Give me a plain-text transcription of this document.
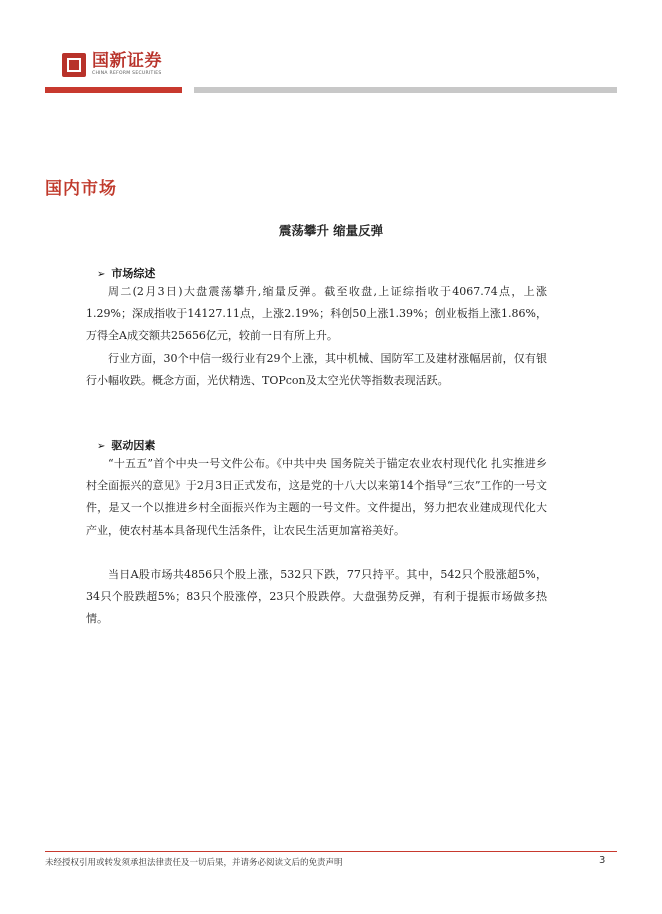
国新证券
CHINA REFORM SECURITIES
国内市场
震荡攀升 缩量反弹
➢ 市场综述

周二(2月3日)大盘震荡攀升,缩量反弹。截至收盘,上证综指收于4067.74点，上涨1.29%；深成指收于14127.11点，上涨2.19%；科创50上涨1.39%；创业板指上涨1.86%，万得全A成交额共25656亿元，较前一日有所上升。

行业方面，30个中信一级行业有29个上涨，其中机械、国防军工及建材涨幅居前，仅有银行小幅收跌。概念方面，光伏精选、TOPcon及太空光伏等指数表现活跃。

➢ 驱动因素

“十五五”首个中央一号文件公布。《中共中央 国务院关于锚定农业农村现代化 扎实推进乡村全面振兴的意见》于2月3日正式发布，这是党的十八大以来第14个指导“三农”工作的一号文件，是又一个以推进乡村全面振兴作为主题的一号文件。文件提出，努力把农业建成现代化大产业，使农村基本具备现代生活条件，让农民生活更加富裕美好。

当日A股市场共4856只个股上涨，532只下跌，77只持平。其中，542只个股涨超5%，34只个股跌超5%；83只个股涨停，23只个股跌停。大盘强势反弹，有利于提振市场做多热情。

未经授权引用或转发须承担法律责任及一切后果，并请务必阅读文后的免责声明	3
